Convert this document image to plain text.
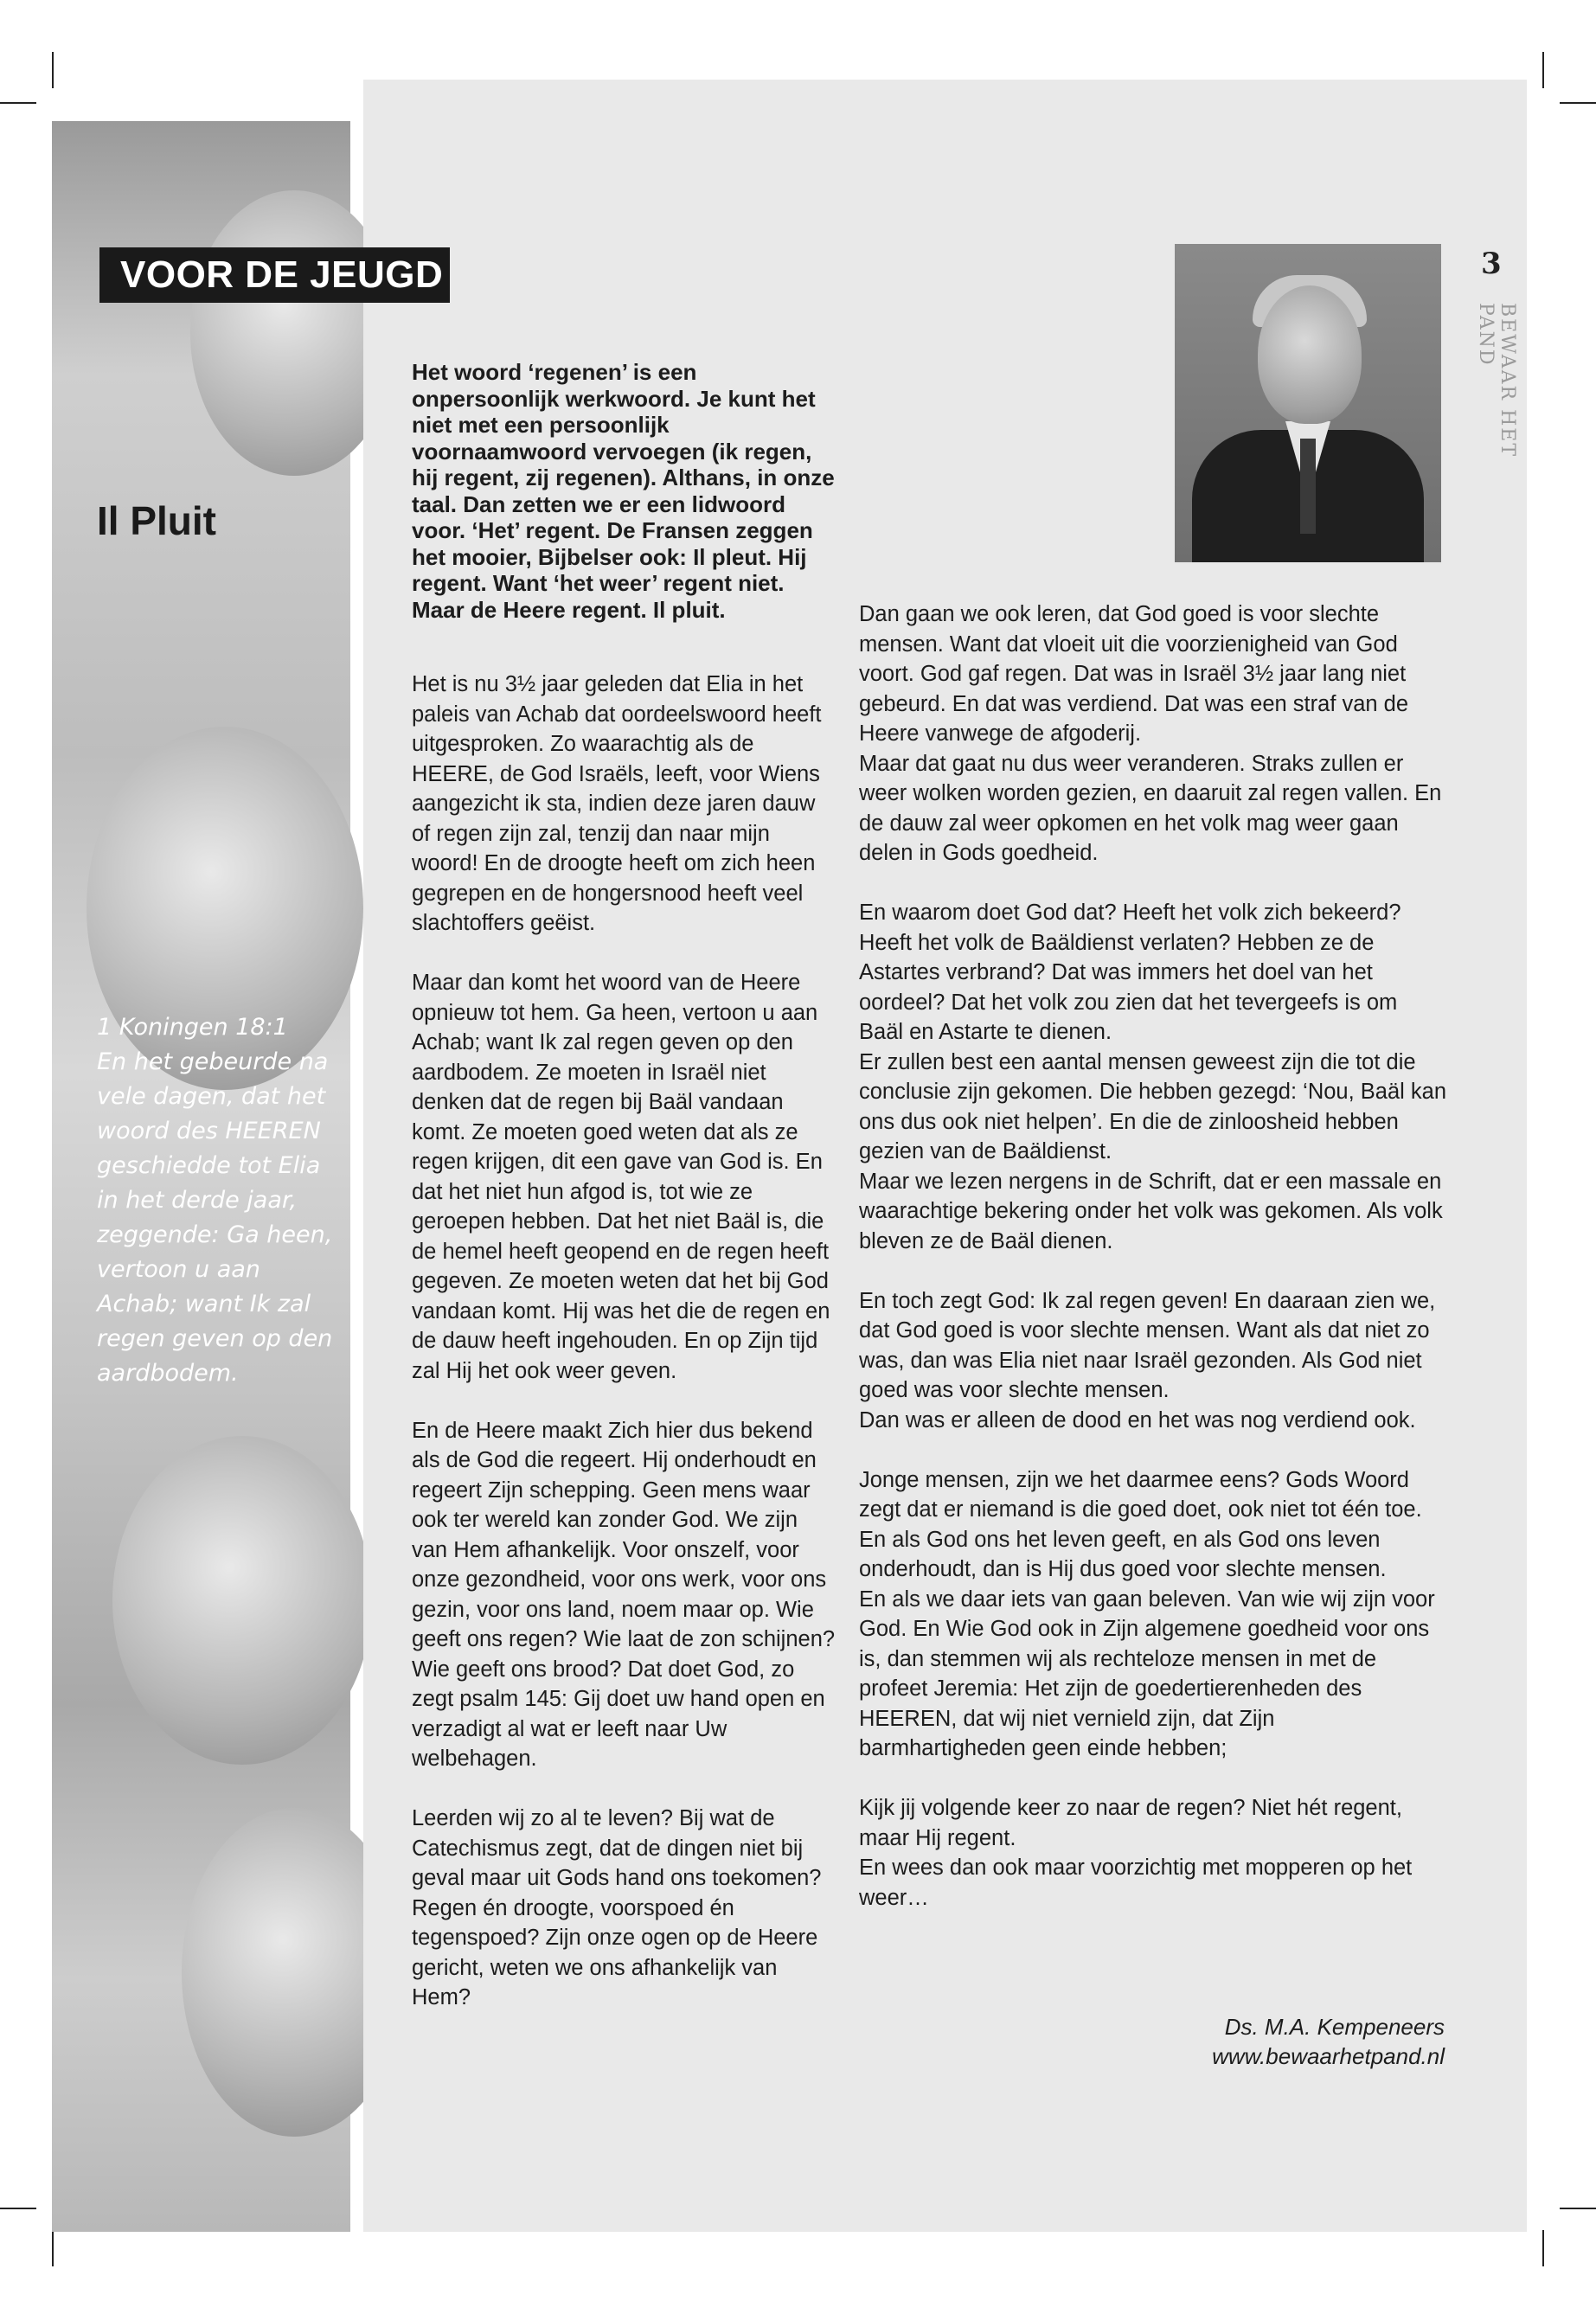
VOOR DE JEUGD
Il Pluit
1 Koningen 18:1
En het gebeurde na vele dagen, dat het woord des HEEREN geschiedde tot Elia in het derde jaar, zeggende: Ga heen, vertoon u aan Achab; want Ik zal regen geven op den aardbodem.
3
BEWAAR HET PAND

Het woord ‘regenen’ is een onpersoonlijk werkwoord. Je kunt het niet met een persoonlijk voornaamwoord vervoegen (ik regen, hij regent, zij regenen). Althans, in onze taal. Dan zetten we er een lidwoord voor. ‘Het’ regent. De Fransen zeggen het mooier, Bijbelser ook: Il pleut. Hij regent. Want ‘het weer’ regent niet. Maar de Heere regent. Il pluit.

Het is nu 3½ jaar geleden dat Elia in het paleis van Achab dat oordeelswoord heeft uitgesproken. Zo waarachtig als de HEERE, de God Israëls, leeft, voor Wiens aangezicht ik sta, indien deze jaren dauw of regen zijn zal, tenzij dan naar mijn woord! En de droogte heeft om zich heen gegrepen en de hongersnood heeft veel slachtoffers geëist.

Maar dan komt het woord van de Heere opnieuw tot hem. Ga heen, vertoon u aan Achab; want Ik zal regen geven op den aardbodem. Ze moeten in Israël niet denken dat de regen bij Baäl vandaan komt. Ze moeten goed weten dat als ze regen krijgen, dit een gave van God is. En dat het niet hun afgod is, tot wie ze geroepen hebben. Dat het niet Baäl is, die de hemel heeft geopend en de regen heeft gegeven. Ze moeten weten dat het bij God vandaan komt. Hij was het die de regen en de dauw heeft ingehouden. En op Zijn tijd zal Hij het ook weer geven.

En de Heere maakt Zich hier dus bekend als de God die regeert. Hij onderhoudt en regeert Zijn schepping. Geen mens waar ook ter wereld kan zonder God. We zijn van Hem afhankelijk. Voor onszelf, voor onze gezondheid, voor ons werk, voor ons gezin, voor ons land, noem maar op. Wie geeft ons regen? Wie laat de zon schijnen? Wie geeft ons brood? Dat doet God, zo zegt psalm 145: Gij doet uw hand open en verzadigt al wat er leeft naar Uw welbehagen.

Leerden wij zo al te leven? Bij wat de Catechismus zegt, dat de dingen niet bij geval maar uit Gods hand ons toekomen? Regen én droogte, voorspoed én tegenspoed? Zijn onze ogen op de Heere gericht, weten we ons afhankelijk van Hem?

Dan gaan we ook leren, dat God goed is voor slechte mensen. Want dat vloeit uit die voorzienigheid van God voort. God gaf regen. Dat was in Israël 3½ jaar lang niet gebeurd. En dat was verdiend. Dat was een straf van de Heere vanwege de afgoderij.
Maar dat gaat nu dus weer veranderen. Straks zullen er weer wolken worden gezien, en daaruit zal regen vallen. En de dauw zal weer opkomen en het volk mag weer gaan delen in Gods goedheid.

En waarom doet God dat? Heeft het volk zich bekeerd? Heeft het volk de Baäldienst verlaten? Hebben ze de Astartes verbrand? Dat was immers het doel van het oordeel? Dat het volk zou zien dat het tevergeefs is om Baäl en Astarte te dienen.
Er zullen best een aantal mensen geweest zijn die tot die conclusie zijn gekomen. Die hebben gezegd: ‘Nou, Baäl kan ons dus ook niet helpen’. En die de zinloosheid hebben gezien van de Baäldienst.
Maar we lezen nergens in de Schrift, dat er een massale en waarachtige bekering onder het volk was gekomen. Als volk bleven ze de Baäl dienen.

En toch zegt God: Ik zal regen geven! En daaraan zien we, dat God goed is voor slechte mensen. Want als dat niet zo was, dan was Elia niet naar Israël gezonden. Als God niet goed was voor slechte mensen.
Dan was er alleen de dood en het was nog verdiend ook.

Jonge mensen, zijn we het daarmee eens? Gods Woord zegt dat er niemand is die goed doet, ook niet tot één toe. En als God ons het leven geeft, en als God ons leven onderhoudt, dan is Hij dus goed voor slechte mensen.
En als we daar iets van gaan beleven. Van wie wij zijn voor God. En Wie God ook in Zijn algemene goedheid voor ons is, dan stemmen wij als rechteloze mensen in met de profeet Jeremia: Het zijn de goedertierenheden des HEEREN, dat wij niet vernield zijn, dat Zijn barmhartigheden geen einde hebben;

Kijk jij volgende keer zo naar de regen? Niet hét regent, maar Hij regent.
En wees dan ook maar voorzichtig met mopperen op het weer…

Ds. M.A. Kempeneers
www.bewaarhetpand.nl
